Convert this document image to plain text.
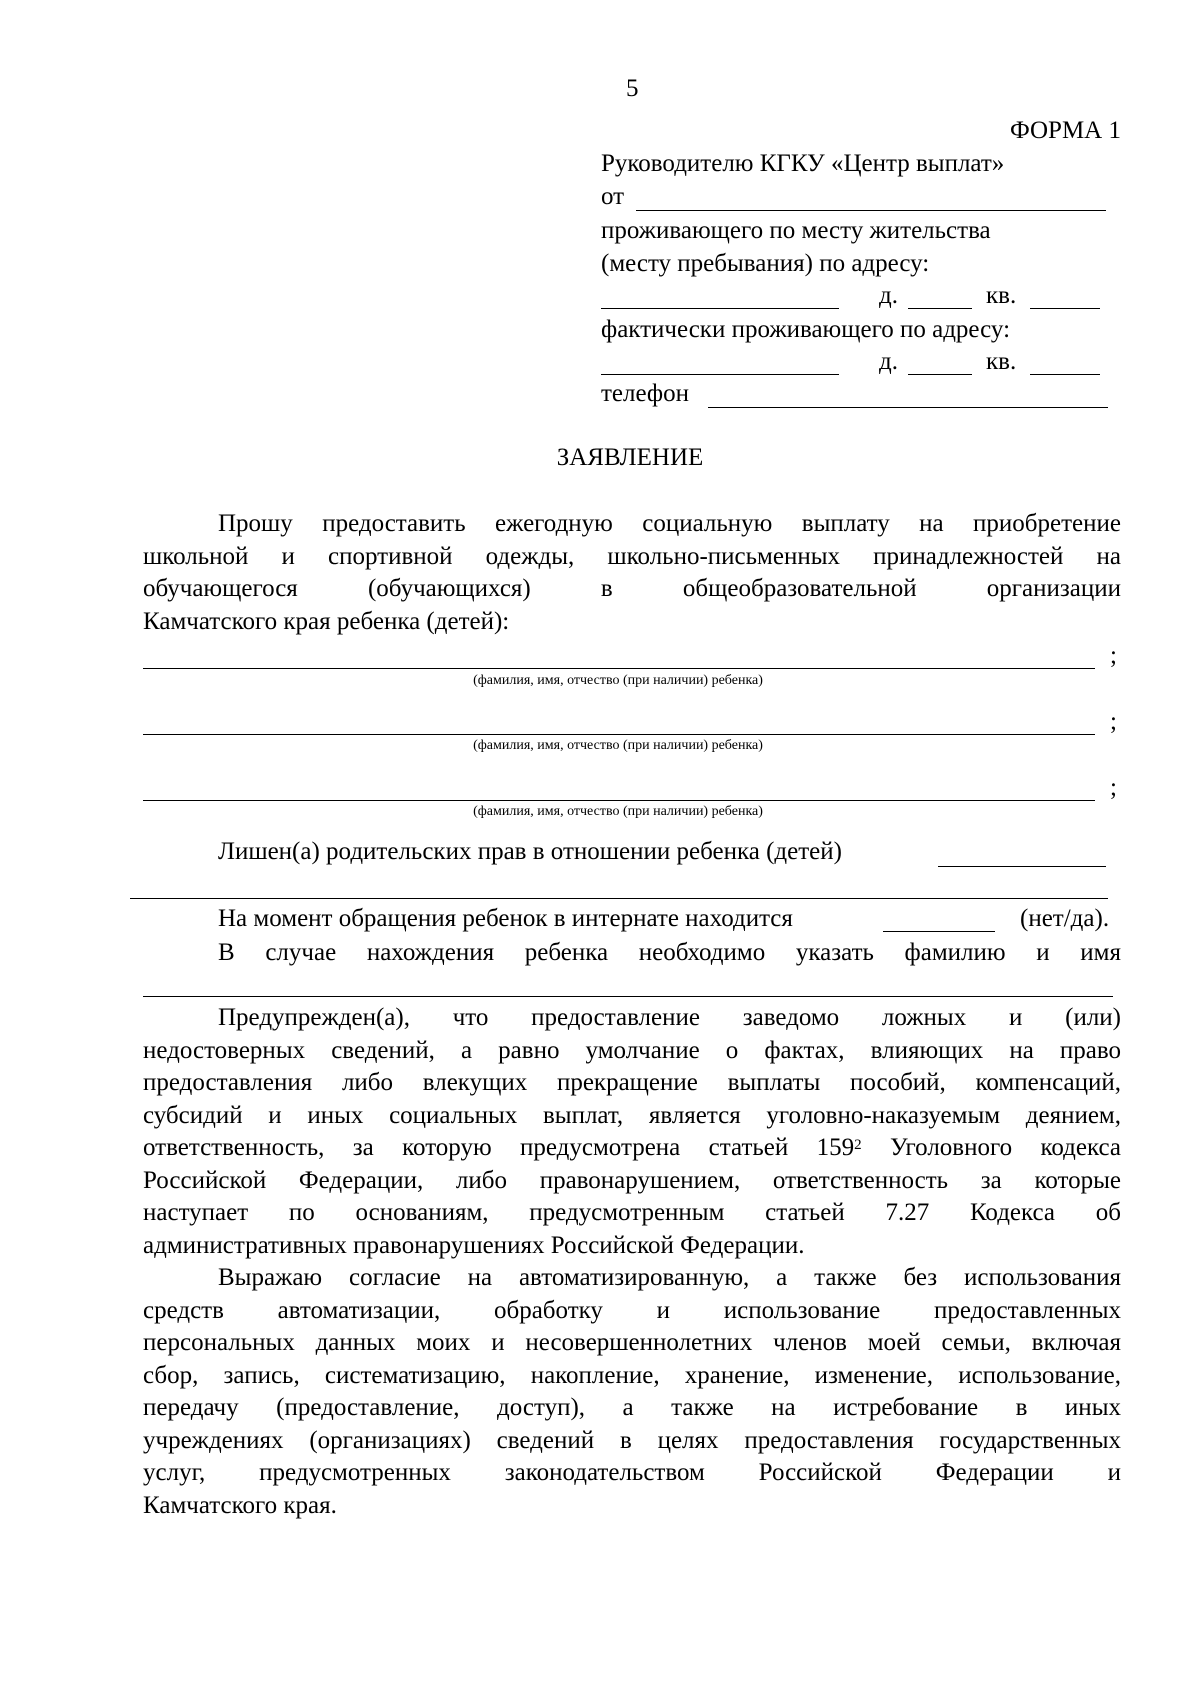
5
ФОРМА 1
Руководителю КГКУ «Центр выплат»
от
проживающего по месту жительства
(месту пребывания) по адресу:
д.	кв.
фактически проживающего по адресу:
д.	кв.
телефон
ЗАЯВЛЕНИЕ
Прошу предоставить ежегодную социальную выплату на приобретение
школьной и спортивной одежды, школьно-письменных принадлежностей на
обучающегося (обучающихся) в общеобразовательной организации
Камчатского края ребенка (детей):
;
(фамилия, имя, отчество (при наличии) ребенка)
;
(фамилия, имя, отчество (при наличии) ребенка)
;
(фамилия, имя, отчество (при наличии) ребенка)
Лишен(а) родительских прав в отношении ребенка (детей)
На момент обращения ребенок в интернате находится	(нет/да).
В случае нахождения ребенка необходимо указать фамилию и имя
Предупрежден(а), что предоставление заведомо ложных и (или)
недостоверных сведений, а равно умолчание о фактах, влияющих на право
предоставления либо влекущих прекращение выплаты пособий, компенсаций,
субсидий и иных социальных выплат, является уголовно-наказуемым деянием,
ответственность, за которую предусмотрена статьей $159^2$ Уголовного кодекса
Российской Федерации, либо правонарушением, ответственность за которые
наступает по основаниям, предусмотренным статьей 7.27 Кодекса об
административных правонарушениях Российской Федерации.
Выражаю согласие на автоматизированную, а также без использования
средств автоматизации, обработку и использование предоставленных
персональных данных моих и несовершеннолетних членов моей семьи, включая
сбор, запись, систематизацию, накопление, хранение, изменение, использование,
передачу (предоставление, доступ), а также на истребование в иных
учреждениях (организациях) сведений в целях предоставления государственных
услуг, предусмотренных законодательством Российской Федерации и
Камчатского края.
